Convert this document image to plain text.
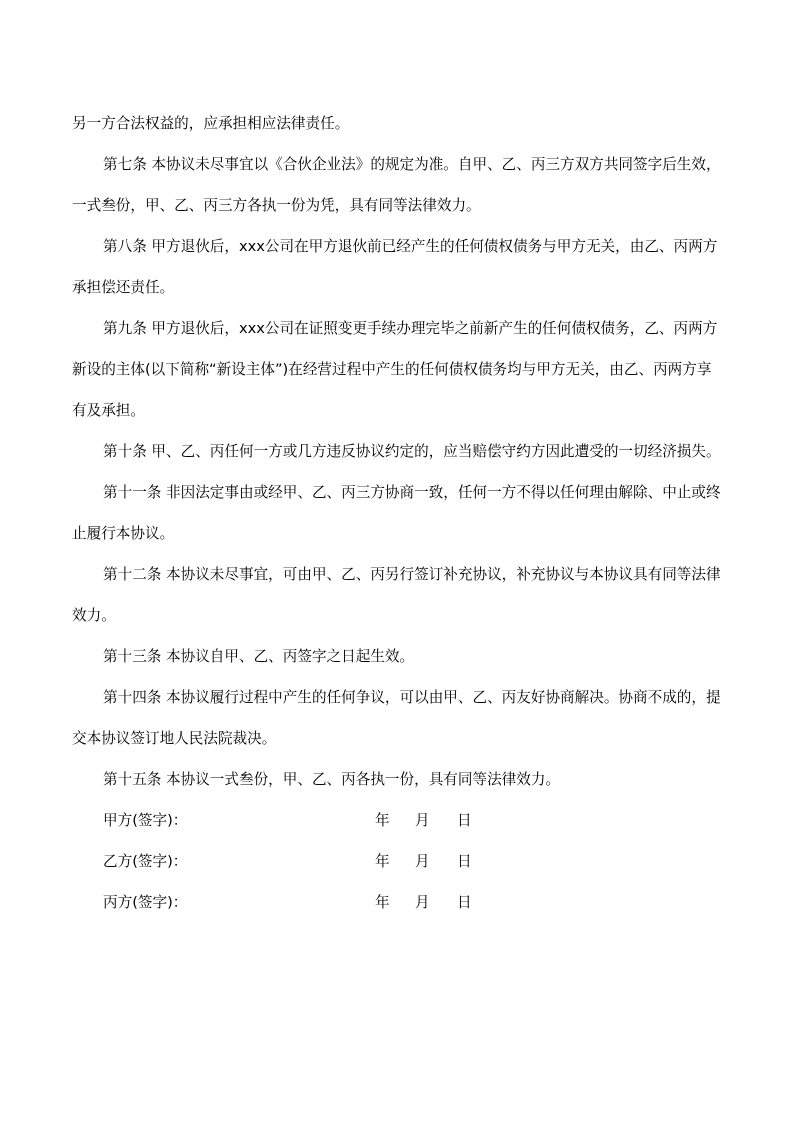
另一方合法权益的，应承担相应法律责任。

第七条 本协议未尽事宜以《合伙企业法》的规定为准。自甲、乙、丙三方双方共同签字后生效，一式叁份，甲、乙、丙三方各执一份为凭，具有同等法律效力。

第八条 甲方退伙后，xxx公司在甲方退伙前已经产生的任何债权债务与甲方无关，由乙、丙两方承担偿还责任。

第九条 甲方退伙后，xxx公司在证照变更手续办理完毕之前新产生的任何债权债务，乙、丙两方新设的主体(以下简称“新设主体”)在经营过程中产生的任何债权债务均与甲方无关，由乙、丙两方享有及承担。

第十条 甲、乙、丙任何一方或几方违反协议约定的，应当赔偿守约方因此遭受的一切经济损失。

第十一条 非因法定事由或经甲、乙、丙三方协商一致，任何一方不得以任何理由解除、中止或终止履行本协议。

第十二条 本协议未尽事宜，可由甲、乙、丙另行签订补充协议，补充协议与本协议具有同等法律效力。

第十三条 本协议自甲、乙、丙签字之日起生效。

第十四条 本协议履行过程中产生的任何争议，可以由甲、乙、丙友好协商解决。协商不成的，提交本协议签订地人民法院裁决。

第十五条 本协议一式叁份，甲、乙、丙各执一份，具有同等法律效力。

甲方(签字)：	年 月 日
乙方(签字)：	年 月 日
丙方(签字)：	年 月 日
